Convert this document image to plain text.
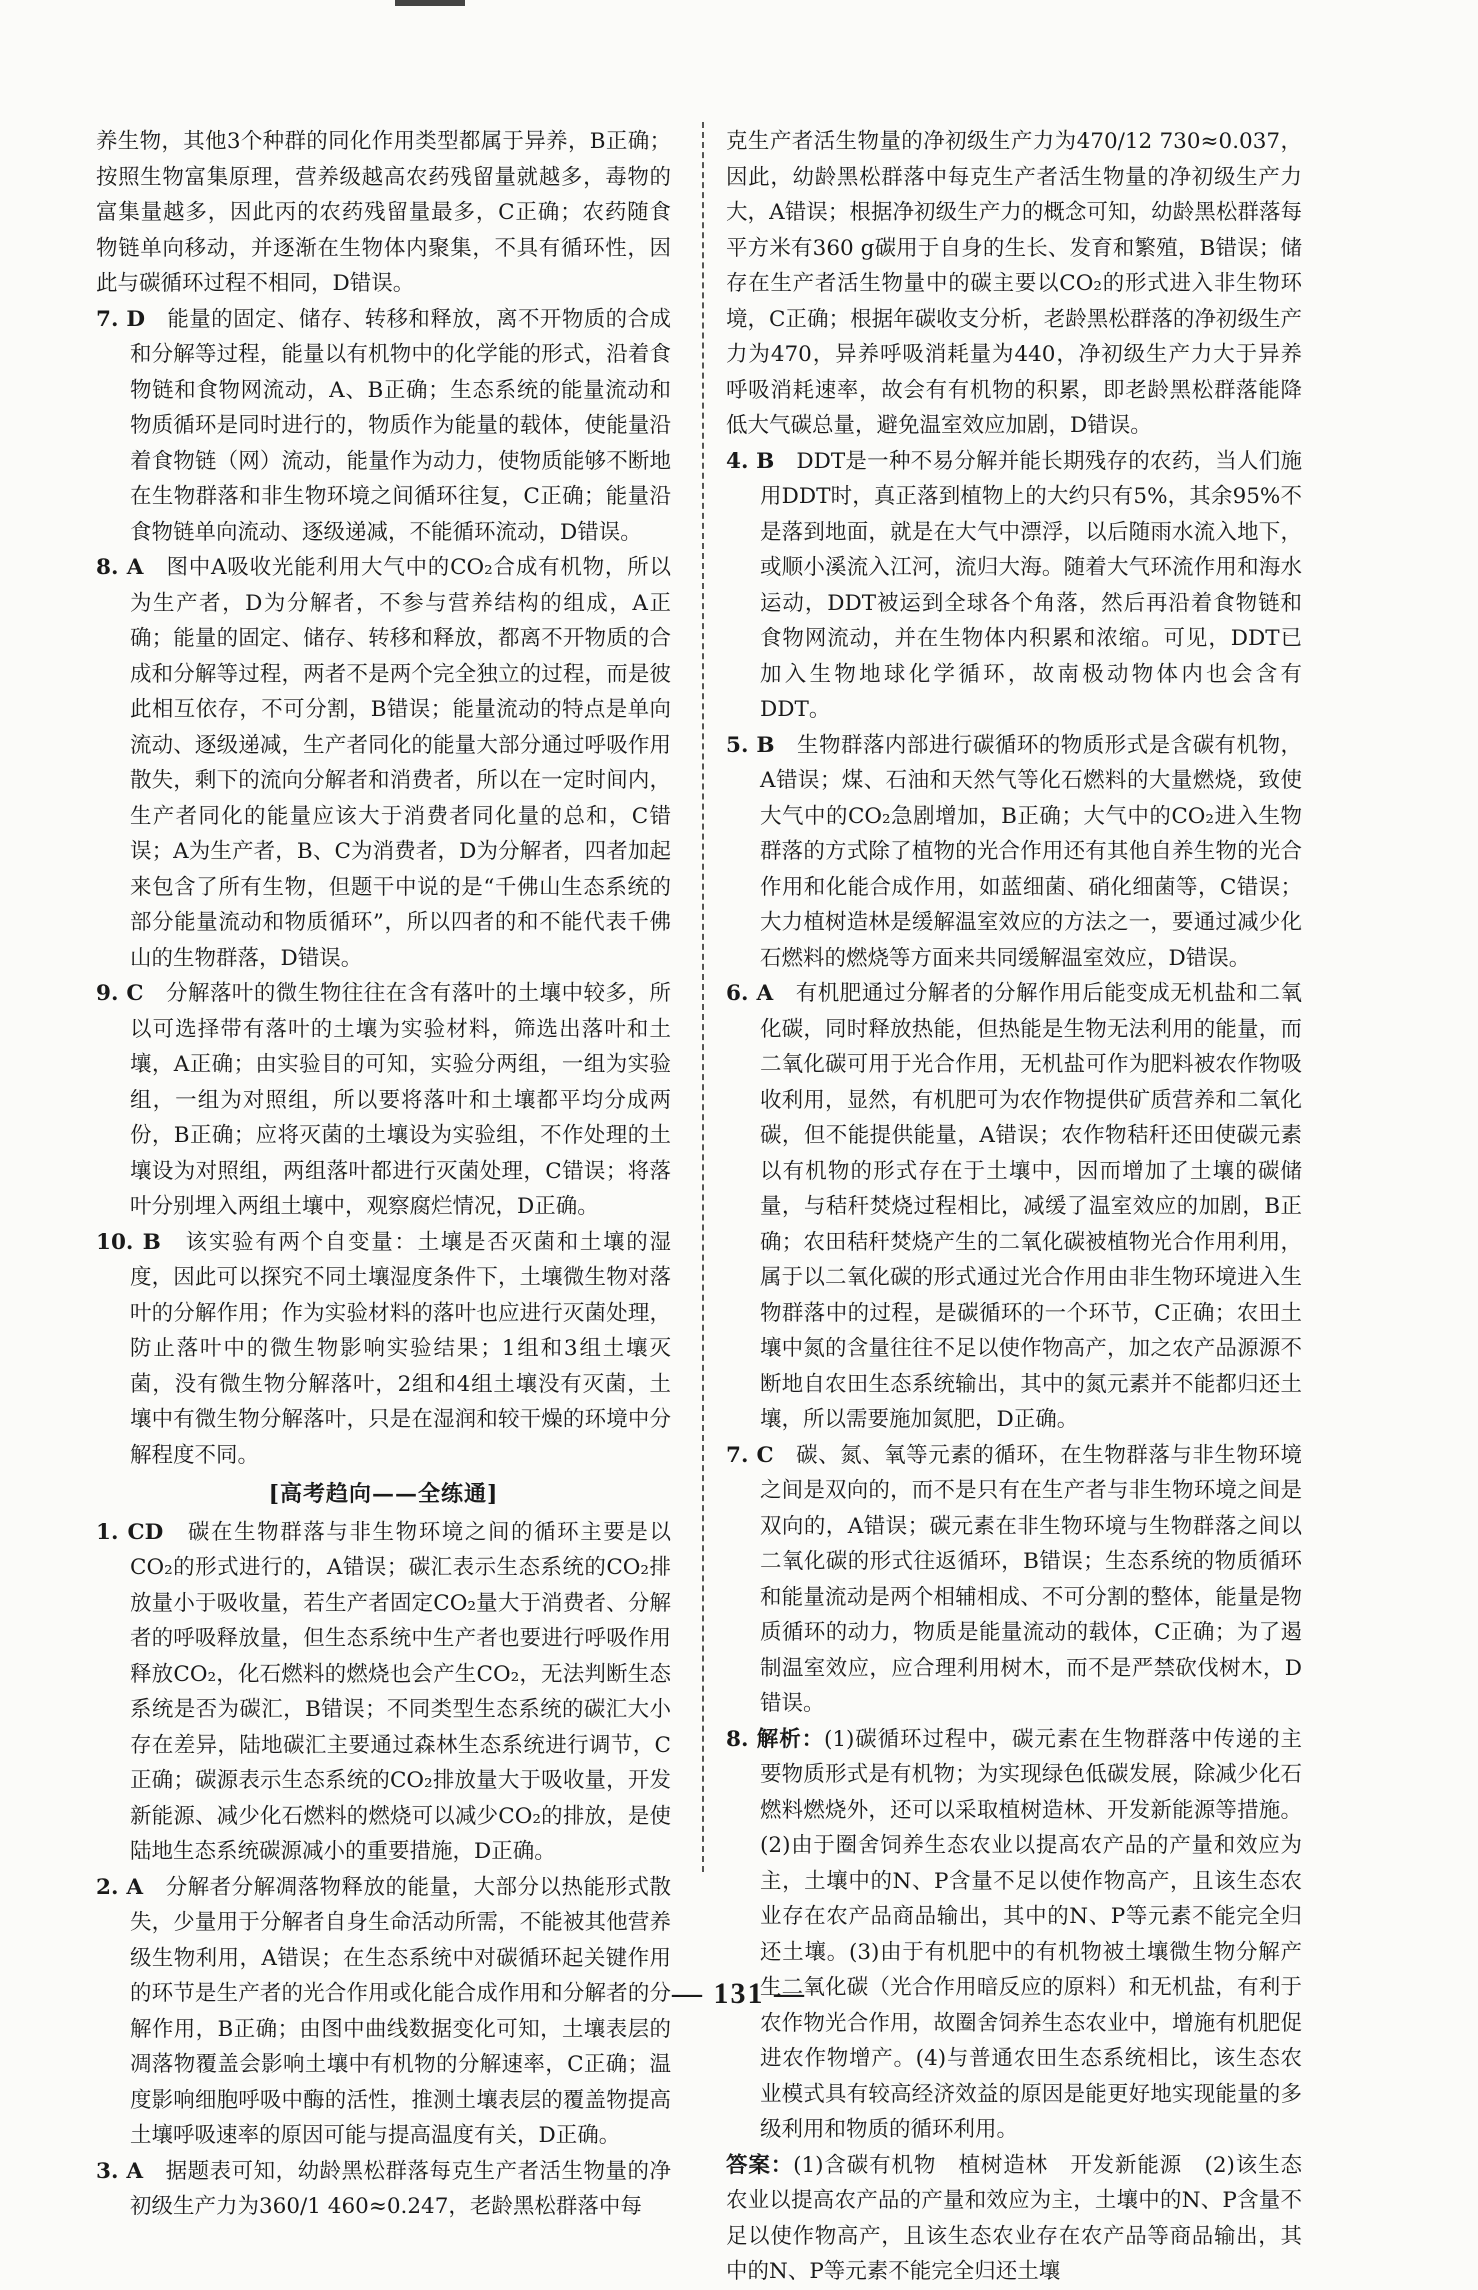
养生物，其他3个种群的同化作用类型都属于异养，B正确；按照生物富集原理，营养级越高农药残留量就越多，毒物的富集量越多，因此丙的农药残留量最多，C正确；农药随食物链单向移动，并逐渐在生物体内聚集，不具有循环性，因此与碳循环过程不相同，D错误。

7. D　能量的固定、储存、转移和释放，离不开物质的合成和分解等过程，能量以有机物中的化学能的形式，沿着食物链和食物网流动，A、B正确；生态系统的能量流动和物质循环是同时进行的，物质作为能量的载体，使能量沿着食物链（网）流动，能量作为动力，使物质能够不断地在生物群落和非生物环境之间循环往复，C正确；能量沿食物链单向流动、逐级递减，不能循环流动，D错误。

8. A　图中A吸收光能利用大气中的CO₂合成有机物，所以为生产者，D为分解者，不参与营养结构的组成，A正确；能量的固定、储存、转移和释放，都离不开物质的合成和分解等过程，两者不是两个完全独立的过程，而是彼此相互依存，不可分割，B错误；能量流动的特点是单向流动、逐级递减，生产者同化的能量大部分通过呼吸作用散失，剩下的流向分解者和消费者，所以在一定时间内，生产者同化的能量应该大于消费者同化量的总和，C错误；A为生产者，B、C为消费者，D为分解者，四者加起来包含了所有生物，但题干中说的是“千佛山生态系统的部分能量流动和物质循环”，所以四者的和不能代表千佛山的生物群落，D错误。

9. C　分解落叶的微生物往往在含有落叶的土壤中较多，所以可选择带有落叶的土壤为实验材料，筛选出落叶和土壤，A正确；由实验目的可知，实验分两组，一组为实验组，一组为对照组，所以要将落叶和土壤都平均分成两份，B正确；应将灭菌的土壤设为实验组，不作处理的土壤设为对照组，两组落叶都进行灭菌处理，C错误；将落叶分别埋入两组土壤中，观察腐烂情况，D正确。

10. B　该实验有两个自变量：土壤是否灭菌和土壤的湿度，因此可以探究不同土壤湿度条件下，土壤微生物对落叶的分解作用；作为实验材料的落叶也应进行灭菌处理，防止落叶中的微生物影响实验结果；1组和3组土壤灭菌，没有微生物分解落叶，2组和4组土壤没有灭菌，土壤中有微生物分解落叶，只是在湿润和较干燥的环境中分解程度不同。

[高考趋向——全练通]

1. CD　碳在生物群落与非生物环境之间的循环主要是以CO₂的形式进行的，A错误；碳汇表示生态系统的CO₂排放量小于吸收量，若生产者固定CO₂量大于消费者、分解者的呼吸释放量，但生态系统中生产者也要进行呼吸作用释放CO₂，化石燃料的燃烧也会产生CO₂，无法判断生态系统是否为碳汇，B错误；不同类型生态系统的碳汇大小存在差异，陆地碳汇主要通过森林生态系统进行调节，C正确；碳源表示生态系统的CO₂排放量大于吸收量，开发新能源、减少化石燃料的燃烧可以减少CO₂的排放，是使陆地生态系统碳源减小的重要措施，D正确。

2. A　分解者分解凋落物释放的能量，大部分以热能形式散失，少量用于分解者自身生命活动所需，不能被其他营养级生物利用，A错误；在生态系统中对碳循环起关键作用的环节是生产者的光合作用或化能合成作用和分解者的分解作用，B正确；由图中曲线数据变化可知，土壤表层的凋落物覆盖会影响土壤中有机物的分解速率，C正确；温度影响细胞呼吸中酶的活性，推测土壤表层的覆盖物提高土壤呼吸速率的原因可能与提高温度有关，D正确。

3. A　据题表可知，幼龄黑松群落每克生产者活生物量的净初级生产力为360/1 460≈0.247，老龄黑松群落中每

克生产者活生物量的净初级生产力为470/12 730≈0.037，因此，幼龄黑松群落中每克生产者活生物量的净初级生产力大，A错误；根据净初级生产力的概念可知，幼龄黑松群落每平方米有360 g碳用于自身的生长、发育和繁殖，B错误；储存在生产者活生物量中的碳主要以CO₂的形式进入非生物环境，C正确；根据年碳收支分析，老龄黑松群落的净初级生产力为470，异养呼吸消耗量为440，净初级生产力大于异养呼吸消耗速率，故会有有机物的积累，即老龄黑松群落能降低大气碳总量，避免温室效应加剧，D错误。

4. B　DDT是一种不易分解并能长期残存的农药，当人们施用DDT时，真正落到植物上的大约只有5%，其余95%不是落到地面，就是在大气中漂浮，以后随雨水流入地下，或顺小溪流入江河，流归大海。随着大气环流作用和海水运动，DDT被运到全球各个角落，然后再沿着食物链和食物网流动，并在生物体内积累和浓缩。可见，DDT已加入生物地球化学循环，故南极动物体内也会含有DDT。

5. B　生物群落内部进行碳循环的物质形式是含碳有机物，A错误；煤、石油和天然气等化石燃料的大量燃烧，致使大气中的CO₂急剧增加，B正确；大气中的CO₂进入生物群落的方式除了植物的光合作用还有其他自养生物的光合作用和化能合成作用，如蓝细菌、硝化细菌等，C错误；大力植树造林是缓解温室效应的方法之一，要通过减少化石燃料的燃烧等方面来共同缓解温室效应，D错误。

6. A　有机肥通过分解者的分解作用后能变成无机盐和二氧化碳，同时释放热能，但热能是生物无法利用的能量，而二氧化碳可用于光合作用，无机盐可作为肥料被农作物吸收利用，显然，有机肥可为农作物提供矿质营养和二氧化碳，但不能提供能量，A错误；农作物秸秆还田使碳元素以有机物的形式存在于土壤中，因而增加了土壤的碳储量，与秸秆焚烧过程相比，减缓了温室效应的加剧，B正确；农田秸秆焚烧产生的二氧化碳被植物光合作用利用，属于以二氧化碳的形式通过光合作用由非生物环境进入生物群落中的过程，是碳循环的一个环节，C正确；农田土壤中氮的含量往往不足以使作物高产，加之农产品源源不断地自农田生态系统输出，其中的氮元素并不能都归还土壤，所以需要施加氮肥，D正确。

7. C　碳、氮、氧等元素的循环，在生物群落与非生物环境之间是双向的，而不是只有在生产者与非生物环境之间是双向的，A错误；碳元素在非生物环境与生物群落之间以二氧化碳的形式往返循环，B错误；生态系统的物质循环和能量流动是两个相辅相成、不可分割的整体，能量是物质循环的动力，物质是能量流动的载体，C正确；为了遏制温室效应，应合理利用树木，而不是严禁砍伐树木，D错误。

8. 解析：(1)碳循环过程中，碳元素在生物群落中传递的主要物质形式是有机物；为实现绿色低碳发展，除减少化石燃料燃烧外，还可以采取植树造林、开发新能源等措施。(2)由于圈舍饲养生态农业以提高农产品的产量和效应为主，土壤中的N、P含量不足以使作物高产，且该生态农业存在农产品商品输出，其中的N、P等元素不能完全归还土壤。(3)由于有机肥中的有机物被土壤微生物分解产生二氧化碳（光合作用暗反应的原料）和无机盐，有利于农作物光合作用，故圈舍饲养生态农业中，增施有机肥促进农作物增产。(4)与普通农田生态系统相比，该生态农业模式具有较高经济效益的原因是能更好地实现能量的多级利用和物质的循环利用。

答案：(1)含碳有机物　植树造林　开发新能源　(2)该生态农业以提高农产品的产量和效应为主，土壤中的N、P含量不足以使作物高产，且该生态农业存在农产品等商品输出，其中的N、P等元素不能完全归还土壤

— 131 —
